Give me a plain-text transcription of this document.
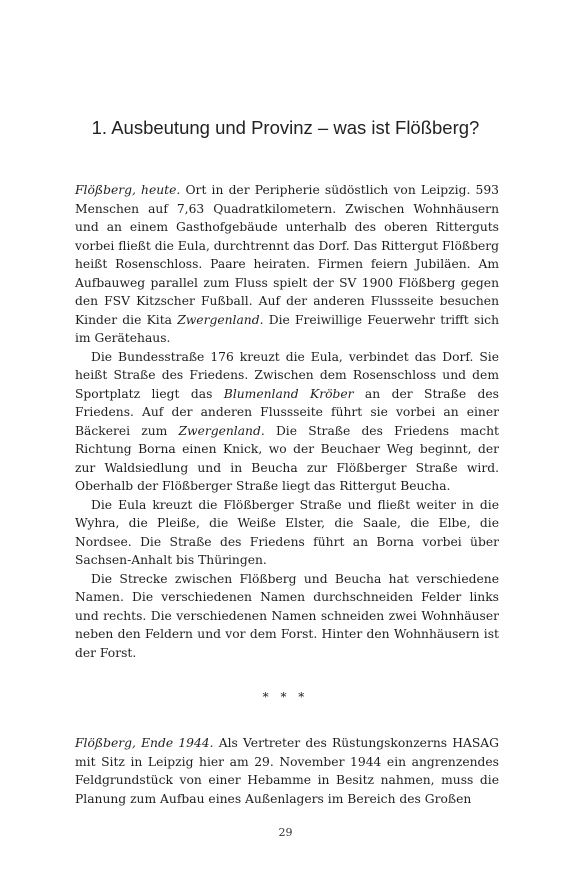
1. Ausbeutung und Provinz – was ist Flößberg?

Flößberg, heute. Ort in der Peripherie südöstlich von Leipzig. 593 Menschen auf 7,63 Quadratkilometern. Zwischen Wohnhäusern und an einem Gasthofgebäude unterhalb des oberen Ritterguts vorbei fließt die Eula, durchtrennt das Dorf. Das Rittergut Flößberg heißt Rosenschloss. Paare heiraten. Firmen feiern Jubiläen. Am Aufbauweg parallel zum Fluss spielt der SV 1900 Flößberg gegen den FSV Kitzscher Fußball. Auf der anderen Flussseite besuchen Kinder die Kita Zwergenland. Die Freiwillige Feuerwehr trifft sich im Gerätehaus.

Die Bundesstraße 176 kreuzt die Eula, verbindet das Dorf. Sie heißt Straße des Friedens. Zwischen dem Rosenschloss und dem Sportplatz liegt das Blumenland Kröber an der Straße des Friedens. Auf der anderen Flussseite führt sie vorbei an einer Bäckerei zum Zwergenland. Die Straße des Friedens macht Richtung Borna einen Knick, wo der Beuchaer Weg beginnt, der zur Waldsiedlung und in Beucha zur Flößberger Straße wird. Oberhalb der Flößberger Straße liegt das Rittergut Beucha.

Die Eula kreuzt die Flößberger Straße und fließt weiter in die Wyhra, die Pleiße, die Weiße Elster, die Saale, die Elbe, die Nordsee. Die Straße des Friedens führt an Borna vorbei über Sachsen-Anhalt bis Thüringen.

Die Strecke zwischen Flößberg und Beucha hat verschiedene Namen. Die verschiedenen Namen durchschneiden Felder links und rechts. Die verschiedenen Namen schneiden zwei Wohnhäuser neben den Feldern und vor dem Forst. Hinter den Wohnhäusern ist der Forst.

* * *

Flößberg, Ende 1944. Als Vertreter des Rüstungskonzerns HASAG mit Sitz in Leipzig hier am 29. November 1944 ein angrenzendes Feldgrundstück von einer Hebamme in Besitz nahmen, muss die Planung zum Aufbau eines Außenlagers im Bereich des Großen

29
